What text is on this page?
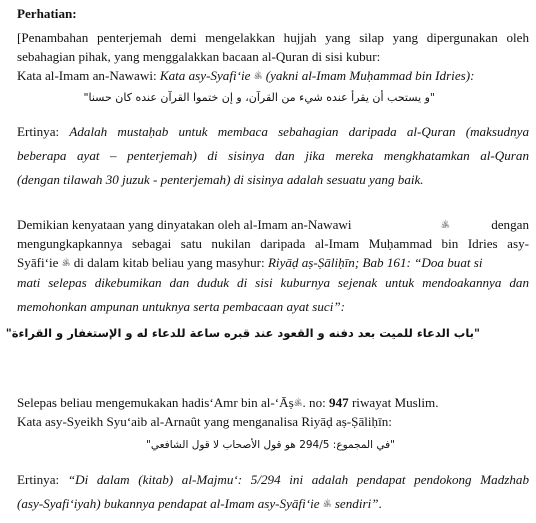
Perhatian:
[Penambahan penterjemah demi mengelakkan hujjah yang silap yang dipergunakan oleh
sebahagian pihak, yang menggalakkan bacaan al-Quran di sisi kubur:
Kata al-Imam an-Nawawi: Kata asy-Syafi‘ie ﵁ (yakni al-Imam Muḥammad bin Idries):
"و يستحب أن يقرأ عنده شيء من القرآن، و إن ختموا القرآن عنده كان حسنا"
Ertinya: Adalah mustaḥab untuk membaca sebahagian daripada al-Quran (maksudnya
beberapa ayat – penterjemah) di sisinya dan jika mereka mengkhatamkan al-Quran
(dengan tilawah 30 juzuk - penterjemah) di sisinya adalah sesuatu yang baik.
Demikian kenyataan yang dinyatakan oleh al-Imam an-Nawawi	﵁	dengan
mengungkapkannya sebagai satu nukilan daripada al-Imam Muḥammad bin Idries asy-
Syāfi‘ie ﵁ di dalam kitab beliau yang masyhur: Riyāḍ aṣ-Ṣāliḥīn; Bab 161: “Doa buat si
mati selepas dikebumikan dan duduk di sisi kuburnya sejenak untuk mendoakannya dan
memohonkan ampunan untuknya serta pembacaan ayat suci”:
"باب الدعاء للميت بعد دفنه و القعود عند قبره ساعة للدعاء له و الإستغفار و القراءة"
Selepas beliau mengemukakan hadis‘Amr bin al-‘Āṣ﵁. no: 947 riwayat Muslim.
Kata asy-Syeikh Syu‘aib al-Arnaût yang menganalisa Riyāḍ aṣ-Ṣāliḥīn:
"في المجموع: 294/5 هو قول الأصحاب لا قول الشافعي"
Ertinya: “Di dalam (kitab) al-Majmu‘: 5/294 ini adalah pendapat pendokong Madzhab
(asy-Syafi‘iyah) bukannya pendapat al-Imam asy-Syāfi‘ie ﵁ sendiri”.
